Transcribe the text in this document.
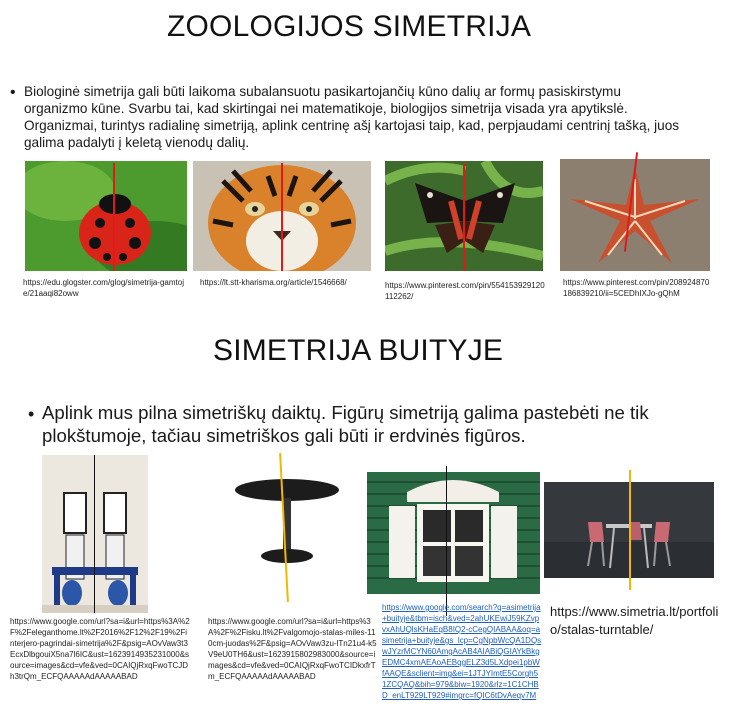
ZOOLOGIJOS SIMETRIJA
• Biologinė simetrija gali būti laikoma subalansuotu pasikartojančių kūno dalių ar formų pasiskirstymu organizmo kūne. Svarbu tai, kad skirtingai nei matematikoje, biologijos simetrija visada yra apytikslė. Organizmai, turintys radialinę simetriją, aplink centrinę ašį kartojasi taip, kad, perpjaudami centrinį tašką, juos galima padalyti į keletą vienodų dalių.
https://edu.glogster.com/glog/simetrija-gamtoje/21aaqi82oww
https://lt.stt-kharisma.org/article/1546668/	https://www.pinterest.com/pin/554153929120112262/
https://www.pinterest.com/pin/208924870186839210/ii=5CEDhIXJo-gQhM
SIMETRIJA BUITYJE
• Aplink mus pilna simetriškų daiktų. Figūrų simetriją galima pastebėti ne tik plokštumoje, tačiau simetriškos gali būti ir erdvinės figūros.
https://www.google.com/url?sa=i&url=https%3A%2F%2Feleganthome.lt%2F2016%2F12%2F19%2Finterjero-pagrindai-simetrija%2F&psig=AOvVaw3t3EcxDlbgouiX5na7l6IC&ust=1623914935231000&source=images&cd=vfe&ved=0CAIQjRxqFwoTCJDh3trQm_ECFQAAAAAdAAAAABAD
https://www.google.com/url?sa=i&url=https%3A%2F%2Fisku.lt%2Fvalgomojo-stalas-miles-110cm-juodas%2F&psig=AOvVaw3zu-lTn21u4-k5V9eU0TH6&ust=1623915802983000&source=images&cd=vfe&ved=0CAIQjRxqFwoTCIDkxfrTm_ECFQAAAAAdAAAAABAD
https://www.google.com/search?q=asimetrija+buityje&tbm=isch&ved=2ahUKEwiJ59KZvpvxAhUQlsKHaEqB8IQ2-cCegQIABAA&oq=asimetrija+buityje&gs_lcp=CgNpbWcQA1DQswJYzrMCYN60AmgAcAB4AIABiQGIAYkBkgEDMC4xmAEAoAEBqgELZ3d5LXdpei1pbWfAAQE&sclient=img&ei=1JTJYImtE5Corgh51ZCQAQ&bih=979&biw=1920&rlz=1C1CHBD_enLT929LT929#imgrc=fQIC6tDvAeqv7M
https://www.simetria.lt/portfolio/stalas-turntable/
